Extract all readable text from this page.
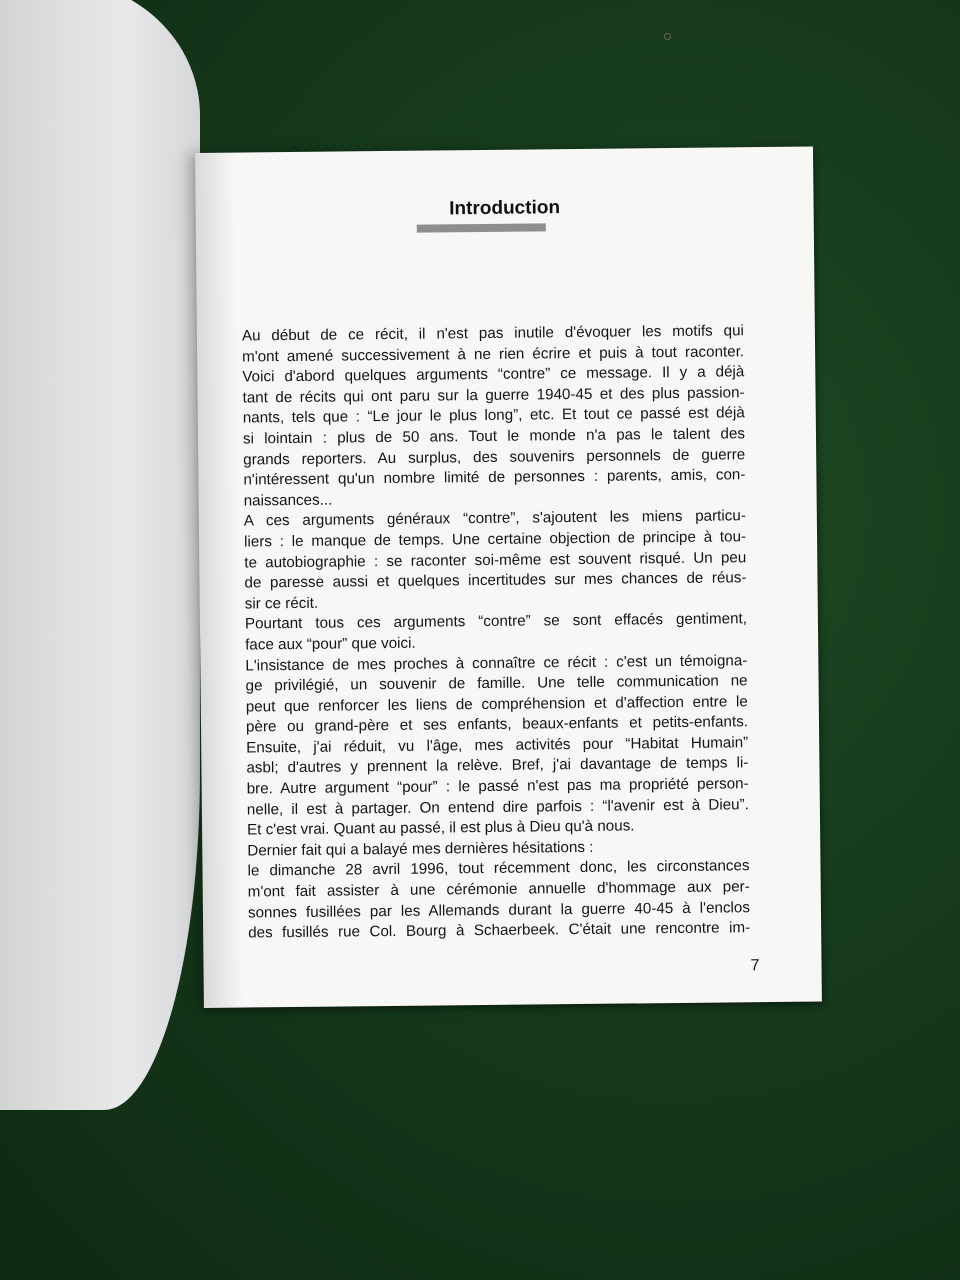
Introduction
Au début de ce récit, il n'est pas inutile d'évoquer les motifs qui
m'ont amené successivement à ne rien écrire et puis à tout raconter.
Voici d'abord quelques arguments “contre” ce message. Il y a déjà
tant de récits qui ont paru sur la guerre 1940-45 et des plus passion-
nants, tels que : “Le jour le plus long”, etc. Et tout ce passé est déjà
si lointain : plus de 50 ans. Tout le monde n'a pas le talent des
grands reporters. Au surplus, des souvenirs personnels de guerre
n'intéressent qu'un nombre limité de personnes : parents, amis, con-
naissances...
A ces arguments généraux “contre”, s'ajoutent les miens particu-
liers : le manque de temps. Une certaine objection de principe à tou-
te autobiographie : se raconter soi-même est souvent risqué. Un peu
de paresse aussi et quelques incertitudes sur mes chances de réus-
sir ce récit.
Pourtant tous ces arguments “contre” se sont effacés gentiment,
face aux “pour” que voici.
L'insistance de mes proches à connaître ce récit : c'est un témoigna-
ge privilégié, un souvenir de famille. Une telle communication ne
peut que renforcer les liens de compréhension et d'affection entre le
père ou grand-père et ses enfants, beaux-enfants et petits-enfants.
Ensuite, j'ai réduit, vu l'âge, mes activités pour “Habitat Humain”
asbl; d'autres y prennent la relève. Bref, j'ai davantage de temps li-
bre. Autre argument “pour” : le passé n'est pas ma propriété person-
nelle, il est à partager. On entend dire parfois : “l'avenir est à Dieu”.
Et c'est vrai. Quant au passé, il est plus à Dieu qu'à nous.
Dernier fait qui a balayé mes dernières hésitations :
le dimanche 28 avril 1996, tout récemment donc, les circonstances
m'ont fait assister à une cérémonie annuelle d'hommage aux per-
sonnes fusillées par les Allemands durant la guerre 40-45 à l'enclos
des fusillés rue Col. Bourg à Schaerbeek. C'était une rencontre im-
7
